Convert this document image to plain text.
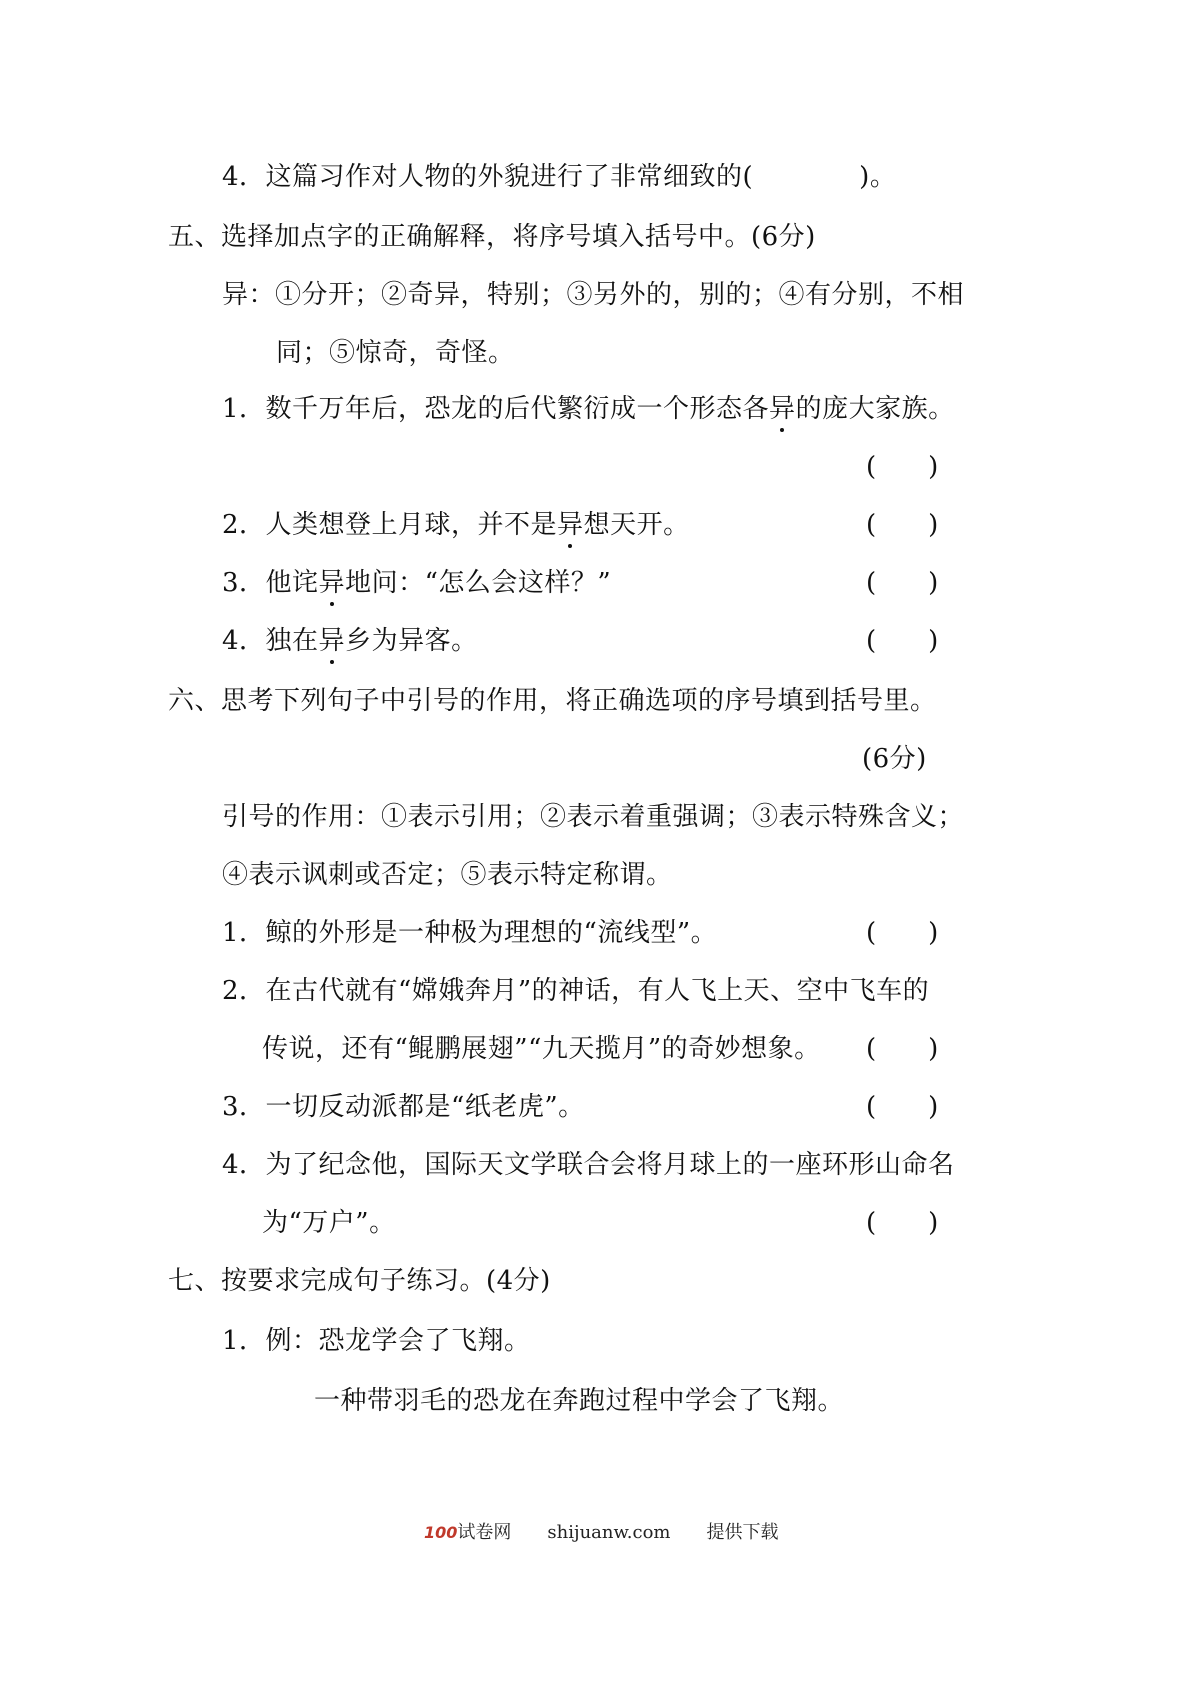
4．这篇习作对人物的外貌进行了非常细致的(　　　　)。
五、选择加点字的正确解释，将序号填入括号中。(6分)
异：①分开；②奇异，特别；③另外的，别的；④有分别，不相
同；⑤惊奇，奇怪。
1．数千万年后，恐龙的后代繁衍成一个形态各异的庞大家族。
(　　)
2．人类想登上月球，并不是异想天开。	(　　)
3．他诧异地问：“怎么会这样？”	(　　)
4．独在异乡为异客。	(　　)
六、思考下列句子中引号的作用，将正确选项的序号填到括号里。
(6分)
引号的作用：①表示引用；②表示着重强调；③表示特殊含义；
④表示讽刺或否定；⑤表示特定称谓。
1．鲸的外形是一种极为理想的“流线型”。	(　　)
2．在古代就有“嫦娥奔月”的神话，有人飞上天、空中飞车的
传说，还有“鲲鹏展翅”“九天揽月”的奇妙想象。 (　　)
3．一切反动派都是“纸老虎”。	(　　)
4．为了纪念他，国际天文学联合会将月球上的一座环形山命名
为“万户”。	(　　)
七、按要求完成句子练习。(4分)
1．例：恐龙学会了飞翔。
一种带羽毛的恐龙在奔跑过程中学会了飞翔。
100试卷网 shijuanw.com 提供下载
